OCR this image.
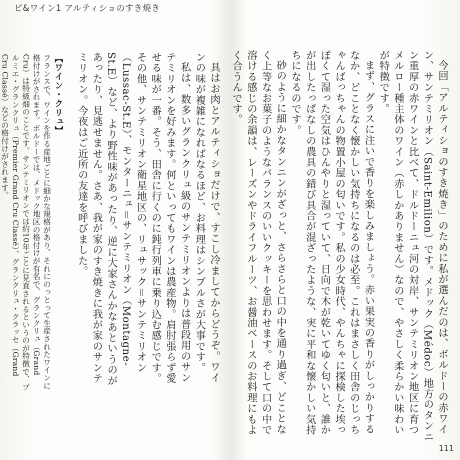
ピ&ワイン1 アルティショのすき焼き

具はお肉とアルティショだけで、すこし冷ましてからどうぞ。ワインの味が複雑になればなるほど、お料理はシンプルさが大事です。

私は、数多いグランクリュ級のサンテミリオンよりは普段用のサンテミリオンを好みます。何といってもワインは農産物。肩肘張らず愛せる味が一番。そう、田舎に行くのに鈍行列車に乗り込む感じです。その他、サンテミリオン衛星地区の、リュサック＝サンテミリオン（Lussac-St.E）、モンターニュ＝サンテミリオン（Montagne-St.E）など、より野性味があったり、逆に大家さんかなあというのがあったり、見逃せません。さあ、我が家のすき焼きに我が家のサンテミリオン。今夜はご近所の友達を呼びました。

【ワイン・クリュ】

フランスで、ワインを作る産地ごとに細かな規格があり、それにのっとって生産されたワインに格付けがされます。ボルドーでは、メドック地区の格付けが有名で、グランクリュ（Grand Cru）は特級畑のことです。サンテミリオンでは約10年ごとに見直されるというのが特徴で、プルミエ・グランクリュ（Premier Grand Cru Classé）、グランクリュ・クラッセ（Grand Cru Classé）などの格付けがされます。	今回「アルティショのすき焼き」のために私が選んだのは、ボルドーの赤ワイン、サンテミリオン（Saint-Emilion）です。メドック（Médoc）地方のタンニン重厚の赤ワインと比べて、ドルドーニュ河の対岸、サンテミリオン地区に育つメルロー種主体のワイン（赤しかありません）なので、やさしく柔らかい味わいが特徴です。

まず、グラスに注いで香りを楽しみましょう。赤い果実の香りがしっかりするなか、どことなく懐かしい気持ちになるのは必至。これはまさしく田舎のじっちゃんばっちゃんの物置小屋の匂いです。私の少女時代、やんちゃに探検した埃っぽくて湿った空気はひんやりと湿っていて、日向で木が乾いてゆく匂いと、誰かが出したっぱなしの農具の錆び具合が混ざったような、実に平和な懐かしい気持ちになるのです。

砂のように細かなタンニンがざっと、さらさらと口の中を通り過ぎ、どことなく上等なお菓子のようなバランスのいいクッキーを思わせます。そして口の中で溶ける感じの余韻は、レーズンやドライフルーツ、お醤油ベースのお料理にもよく合うんです。

111
